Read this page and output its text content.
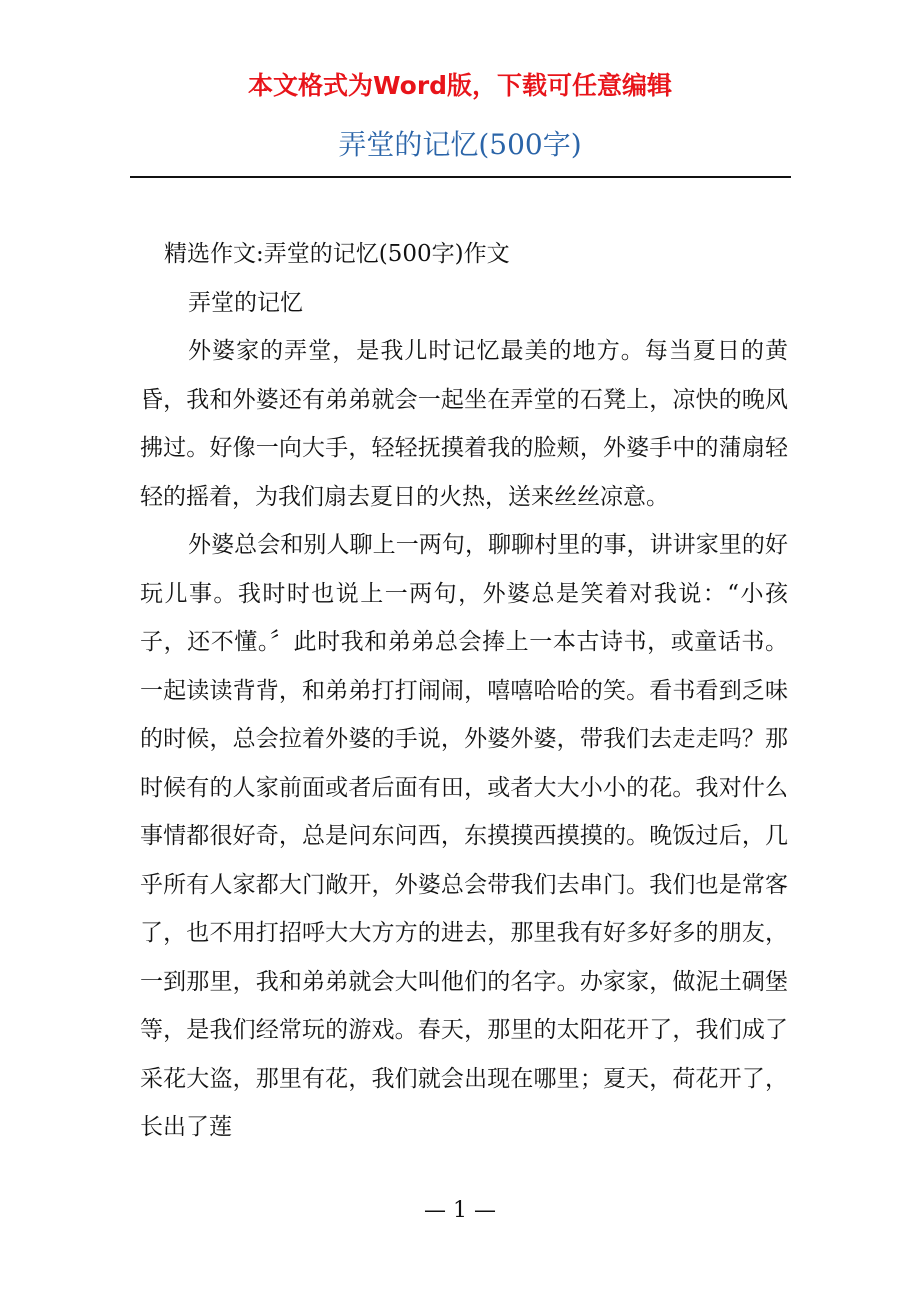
本文格式为Word版，下载可任意编辑
弄堂的记忆(500字)

精选作文:弄堂的记忆(500字)作文

弄堂的记忆

外婆家的弄堂，是我儿时记忆最美的地方。每当夏日的黄昏，我和外婆还有弟弟就会一起坐在弄堂的石凳上，凉快的晚风拂过。好像一向大手，轻轻抚摸着我的脸颊，外婆手中的蒲扇轻轻的摇着，为我们扇去夏日的火热，送来丝丝凉意。

外婆总会和别人聊上一两句，聊聊村里的事，讲讲家里的好玩儿事。我时时也说上一两句，外婆总是笑着对我说：“小孩子，还不懂。〞此时我和弟弟总会捧上一本古诗书，或童话书。一起读读背背，和弟弟打打闹闹，嘻嘻哈哈的笑。看书看到乏味的时候，总会拉着外婆的手说，外婆外婆，带我们去走走吗？那时候有的人家前面或者后面有田，或者大大小小的花。我对什么事情都很好奇，总是问东问西，东摸摸西摸摸的。晚饭过后，几乎所有人家都大门敞开，外婆总会带我们去串门。我们也是常客了，也不用打招呼大大方方的进去，那里我有好多好多的朋友，一到那里，我和弟弟就会大叫他们的名字。办家家，做泥土碉堡等，是我们经常玩的游戏。春天，那里的太阳花开了，我们成了采花大盗，那里有花，我们就会出现在哪里；夏天，荷花开了，长出了莲

— 1 —
